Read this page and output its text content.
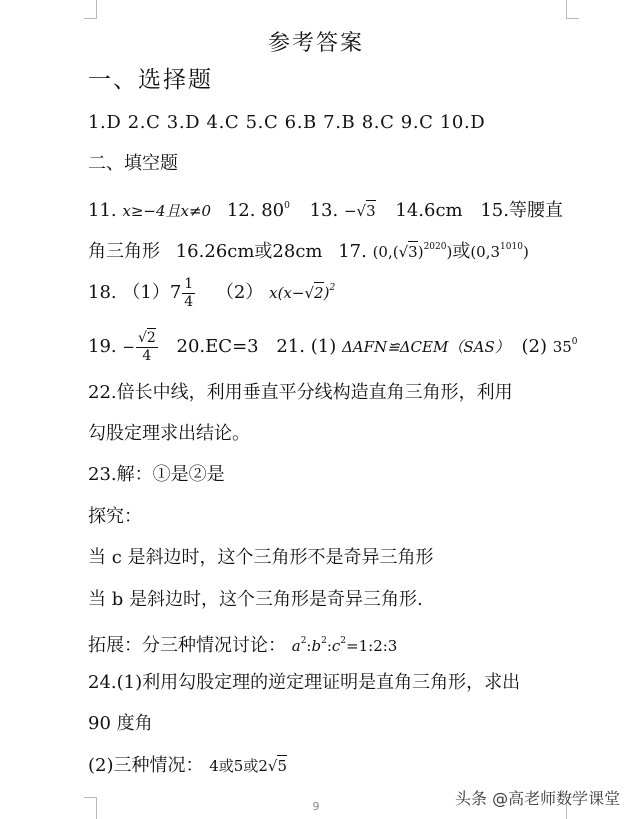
参考答案
一、选择题
1.D 2.C 3.D 4.C 5.C 6.B 7.B 8.C 9.C 10.D
二、填空题
11. x≥−4且x≠0 12. $80^0$ 13. −√3 14.6cm 15.等腰直
角三角形 16.26cm或28cm 17. $(0,(√3)^{2020})$或$(0,3^{1010})$
18. $(1)7 \frac{1}{4} (2)$ $x(x-√2)^2$
19. − $\frac{√2}{4} 20.EC=3$ 21. (1) ΔAFN≌ΔCEM（SAS） (2) $35^0$
22.倍长中线，利用垂直平分线构造直角三角形，利用
勾股定理求出结论。
23.解：①是②是
探究：
当 c 是斜边时，这个三角形不是奇异三角形
当 b 是斜边时，这个三角形是奇异三角形.
拓展：分三种情况讨论： $a^2:b^2:c^2=1:2:3$
24.(1)利用勾股定理的逆定理证明是直角三角形，求出
90 度角
(2)三种情况： 4或5或2√5
9	头条 @高老师数学课堂
